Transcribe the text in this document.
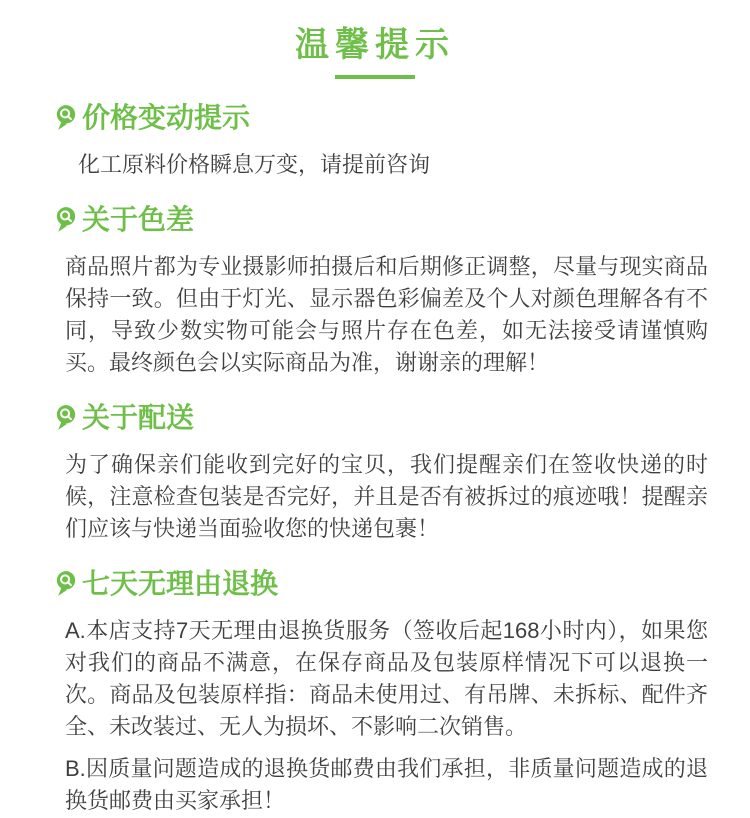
温馨提示
价格变动提示

化工原料价格瞬息万变，请提前咨询

关于色差

商品照片都为专业摄影师拍摄后和后期修正调整，尽量与现实商品保持一致。但由于灯光、显示器色彩偏差及个人对颜色理解各有不同，导致少数实物可能会与照片存在色差，如无法接受请谨慎购买。最终颜色会以实际商品为准，谢谢亲的理解！

关于配送

为了确保亲们能收到完好的宝贝，我们提醒亲们在签收快递的时候，注意检查包装是否完好，并且是否有被拆过的痕迹哦！提醒亲们应该与快递当面验收您的快递包裹！

七天无理由退换

A.本店支持7天无理由退换货服务（签收后起168小时内），如果您对我们的商品不满意，在保存商品及包装原样情况下可以退换一次。商品及包装原样指：商品未使用过、有吊牌、未拆标、配件齐全、未改装过、无人为损坏、不影响二次销售。

B.因质量问题造成的退换货邮费由我们承担，非质量问题造成的退换货邮费由买家承担！
